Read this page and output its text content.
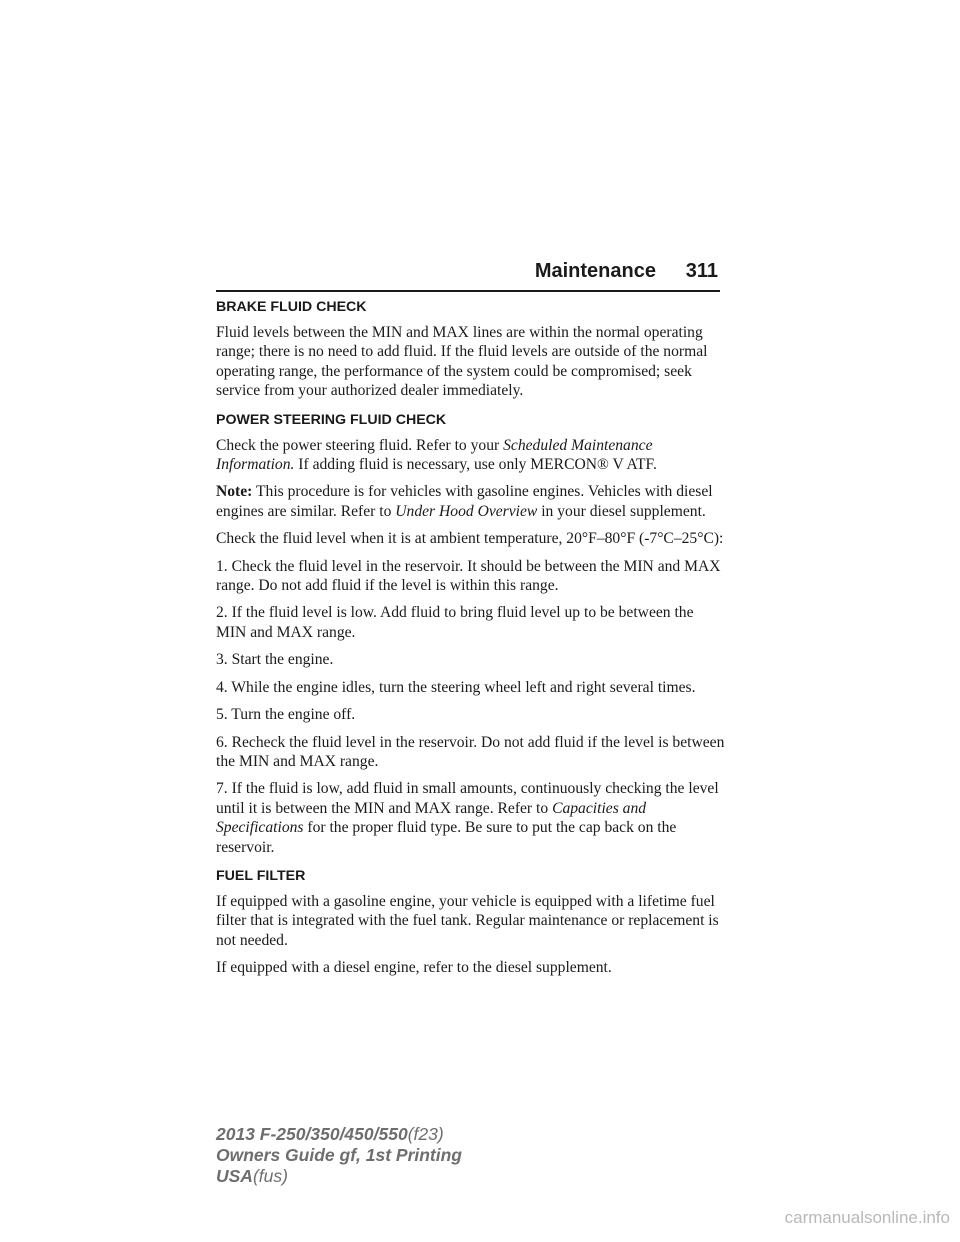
Maintenance 311
BRAKE FLUID CHECK

Fluid levels between the MIN and MAX lines are within the normal operating range; there is no need to add fluid. If the fluid levels are outside of the normal operating range, the performance of the system could be compromised; seek service from your authorized dealer immediately.

POWER STEERING FLUID CHECK

Check the power steering fluid. Refer to your Scheduled Maintenance Information. If adding fluid is necessary, use only MERCON® V ATF.

Note: This procedure is for vehicles with gasoline engines. Vehicles with diesel engines are similar. Refer to Under Hood Overview in your diesel supplement.

Check the fluid level when it is at ambient temperature, 20°F–80°F (-7°C–25°C):

1. Check the fluid level in the reservoir. It should be between the MIN and MAX range. Do not add fluid if the level is within this range.

2. If the fluid level is low. Add fluid to bring fluid level up to be between the MIN and MAX range.

3. Start the engine.

4. While the engine idles, turn the steering wheel left and right several times.

5. Turn the engine off.

6. Recheck the fluid level in the reservoir. Do not add fluid if the level is between the MIN and MAX range.

7. If the fluid is low, add fluid in small amounts, continuously checking the level until it is between the MIN and MAX range. Refer to Capacities and Specifications for the proper fluid type. Be sure to put the cap back on the reservoir.

FUEL FILTER

If equipped with a gasoline engine, your vehicle is equipped with a lifetime fuel filter that is integrated with the fuel tank. Regular maintenance or replacement is not needed.

If equipped with a diesel engine, refer to the diesel supplement.

2013 F-250/350/450/550(f23)
Owners Guide gf, 1st Printing
USA(fus)
carmanualsonline.info
